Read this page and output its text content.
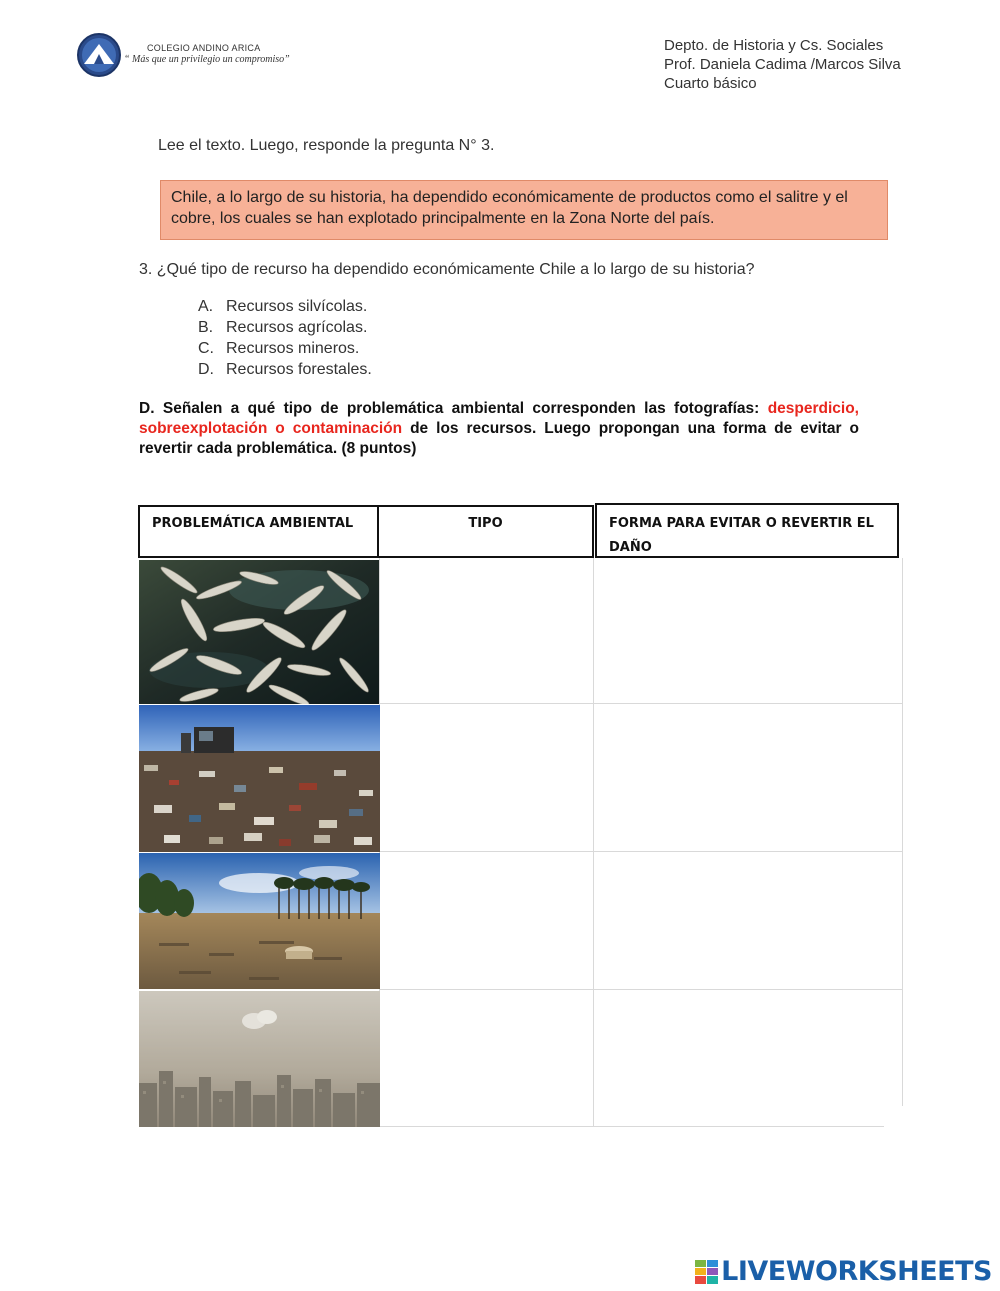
COLEGIO ANDINO ARICA
“ Más que un privilegio un compromiso”
Depto. de Historia y Cs. Sociales
Prof. Daniela Cadima /Marcos Silva
Cuarto básico
Lee el texto. Luego, responde la pregunta N° 3.
Chile, a lo largo de su historia, ha dependido económicamente de productos como el salitre y el cobre, los cuales se han explotado principalmente en la Zona Norte del país.
3. ¿Qué tipo de recurso ha dependido económicamente Chile a lo largo de su historia?
A. Recursos silvícolas.
B. Recursos agrícolas.
C. Recursos mineros.
D. Recursos forestales.
D. Señalen a qué tipo de problemática ambiental corresponden las fotografías: desperdicio, sobreexplotación o contaminación de los recursos. Luego propongan una forma de evitar o revertir cada problemática. (8 puntos)
PROBLEMÁTICA AMBIENTAL	TIPO	FORMA PARA EVITAR O REVERTIR EL DAÑO
LIVEWORKSHEETS
